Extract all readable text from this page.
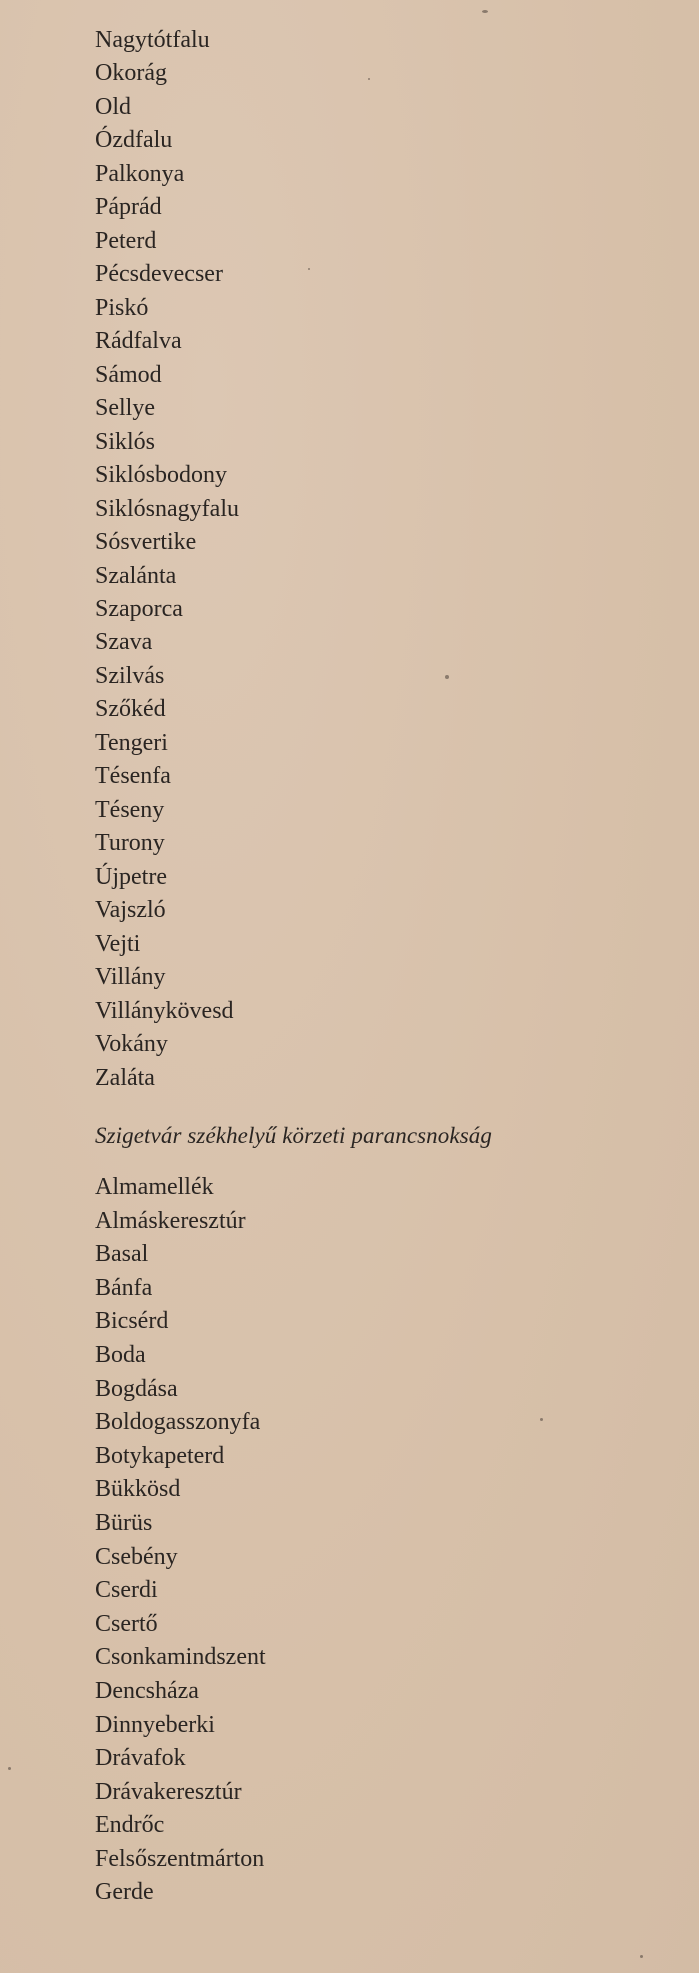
Nagytótfalu
Okorág
Old
Ózdfalu
Palkonya
Páprád
Peterd
Pécsdevecser
Piskó
Rádfalva
Sámod
Sellye
Siklós
Siklósbodony
Siklósnagyfalu
Sósvertike
Szalánta
Szaporca
Szava
Szilvás
Szőkéd
Tengeri
Tésenfa
Téseny
Turony
Újpetre
Vajszló
Vejti
Villány
Villánykövesd
Vokány
Zaláta
Szigetvár székhelyű körzeti parancsnokság
Almamellék
Almáskeresztúr
Basal
Bánfa
Bicsérd
Boda
Bogdása
Boldogasszonyfa
Botykapeterd
Bükkösd
Bürüs
Csebény
Cserdi
Csertő
Csonkamindszent
Dencsháza
Dinnyeberki
Drávafok
Drávakeresztúr
Endrőc
Felsőszentmárton
Gerde
